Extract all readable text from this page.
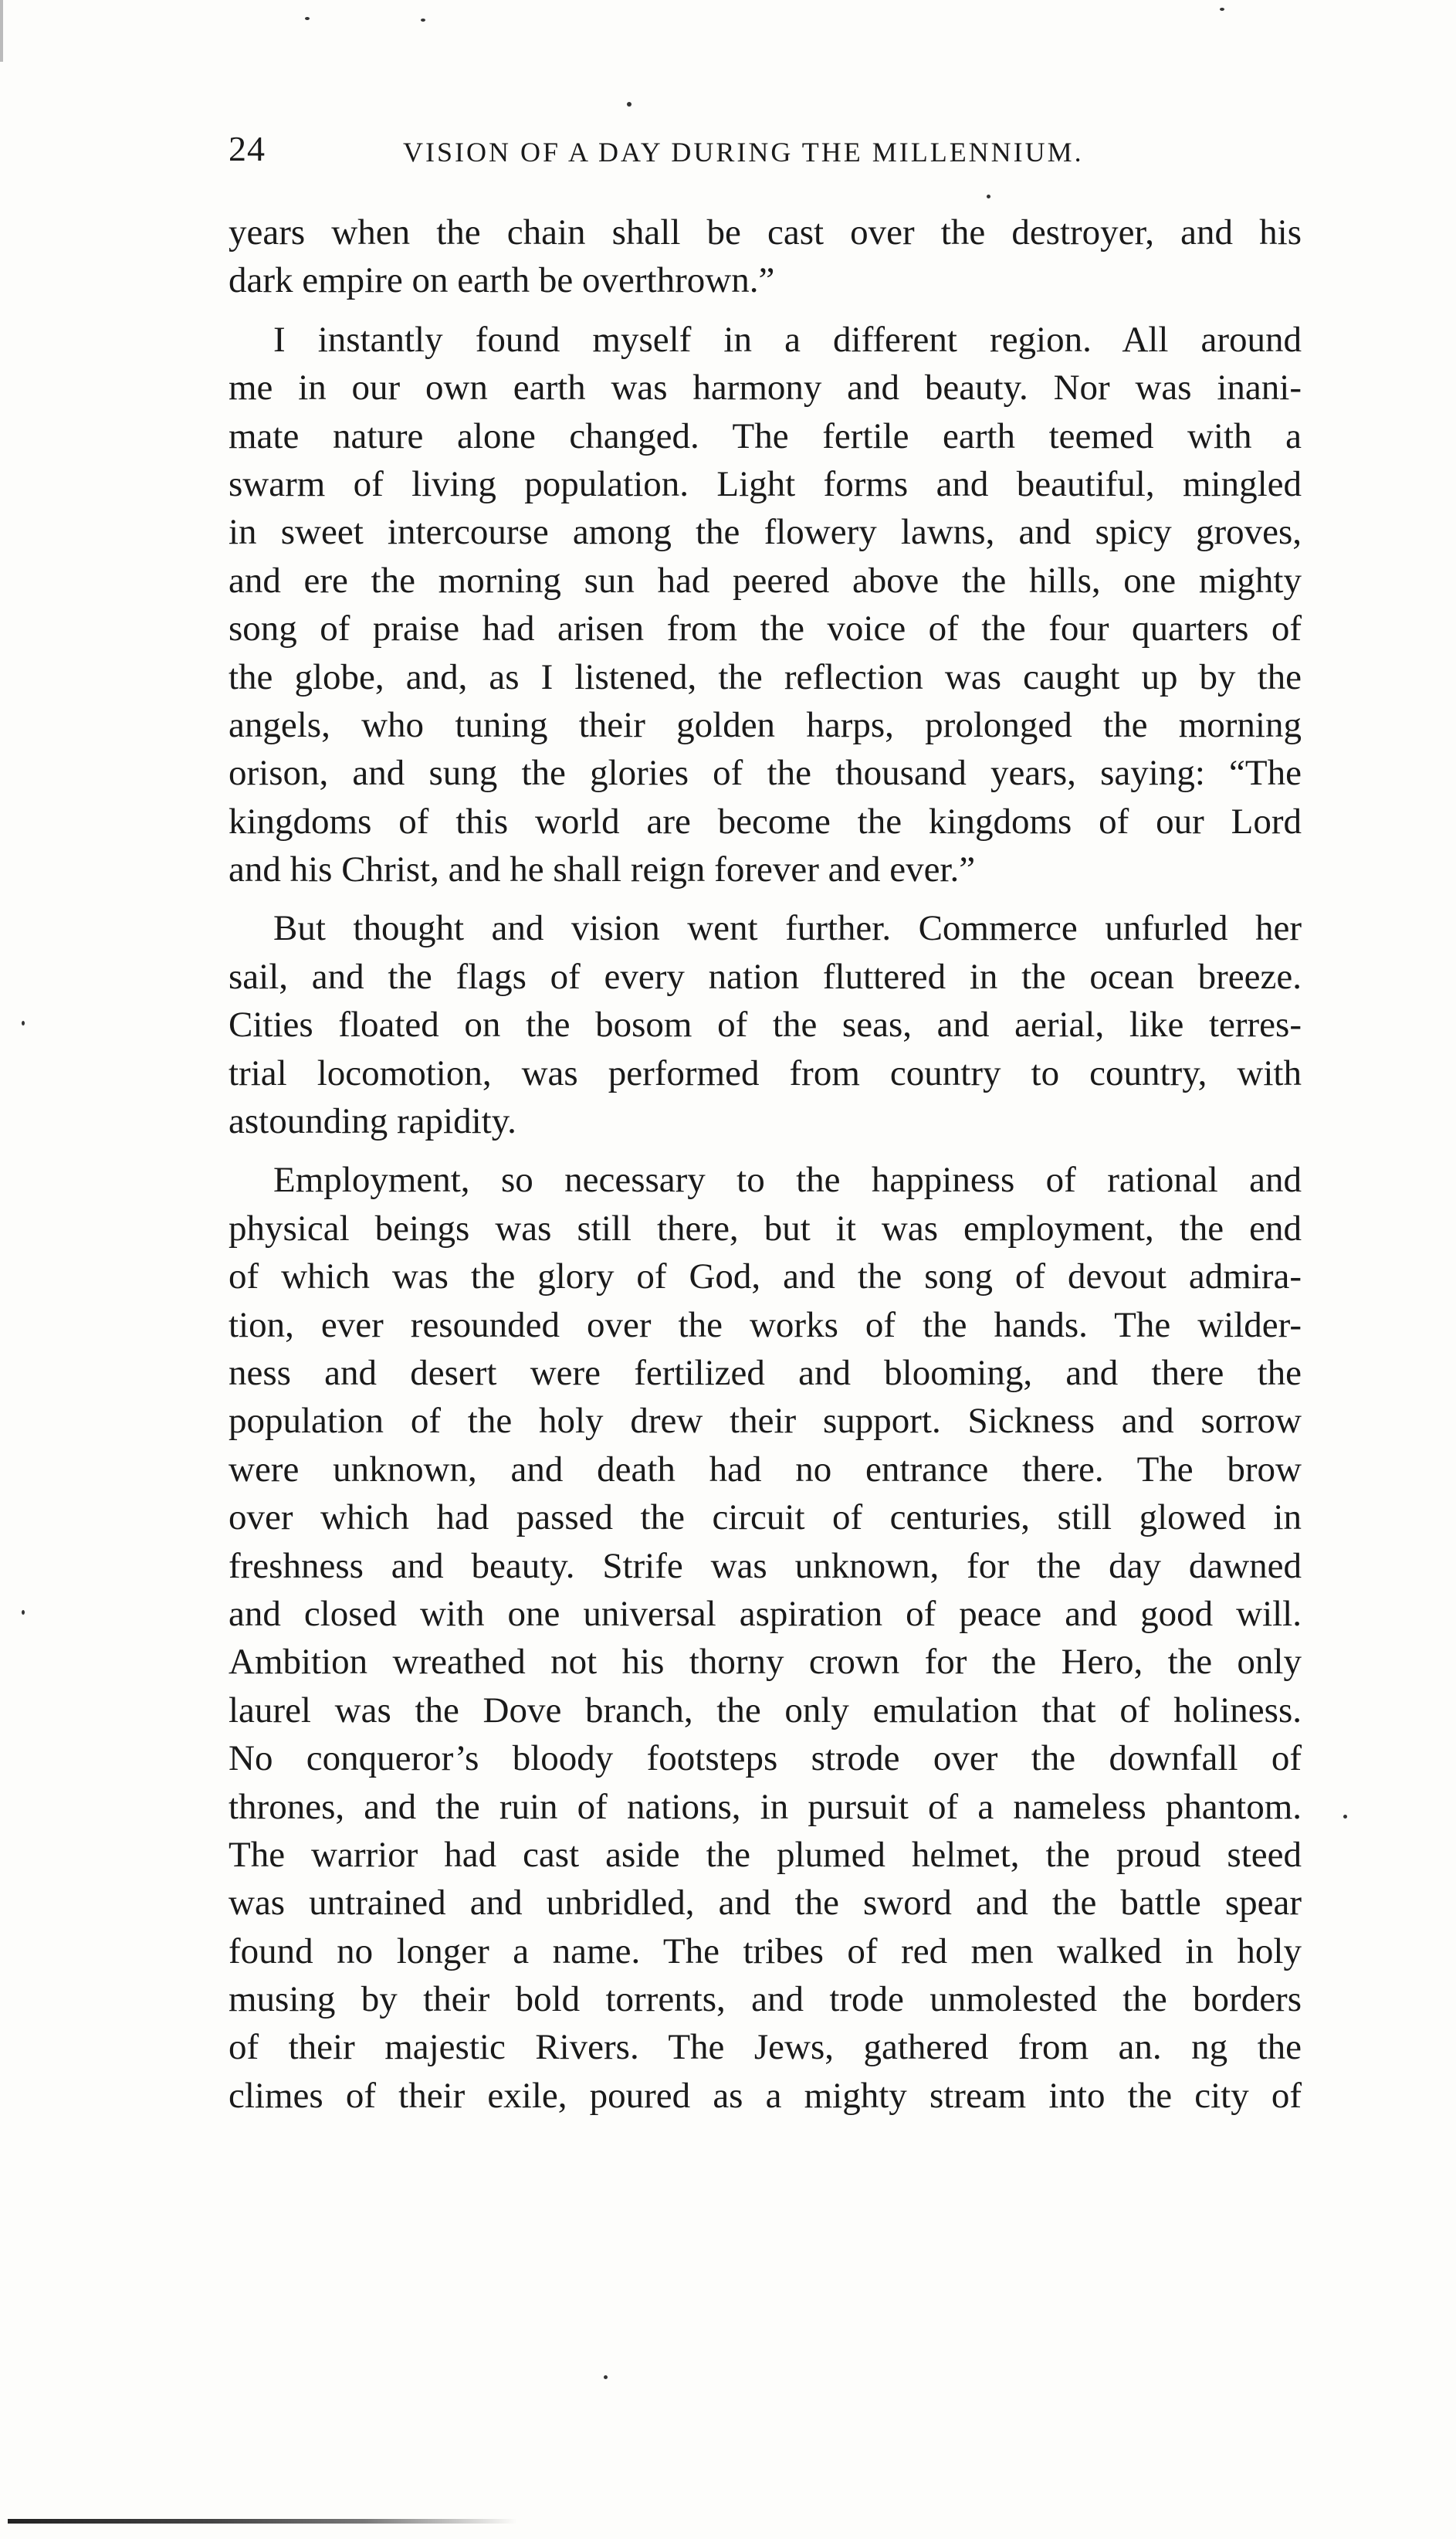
24	VISION OF A DAY DURING THE MILLENNIUM.
years when the chain shall be cast over the destroyer, and his
dark empire on earth be overthrown.”
I instantly found myself in a different region. All around
me in our own earth was harmony and beauty. Nor was inani-
mate nature alone changed. The fertile earth teemed with a
swarm of living population. Light forms and beautiful, mingled
in sweet intercourse among the flowery lawns, and spicy groves,
and ere the morning sun had peered above the hills, one mighty
song of praise had arisen from the voice of the four quarters of
the globe, and, as I listened, the reflection was caught up by the
angels, who tuning their golden harps, prolonged the morning
orison, and sung the glories of the thousand years, saying: “The
kingdoms of this world are become the kingdoms of our Lord
and his Christ, and he shall reign forever and ever.”
But thought and vision went further. Commerce unfurled her
sail, and the flags of every nation fluttered in the ocean breeze.
Cities floated on the bosom of the seas, and aerial, like terres-
trial locomotion, was performed from country to country, with
astounding rapidity.
Employment, so necessary to the happiness of rational and
physical beings was still there, but it was employment, the end
of which was the glory of God, and the song of devout admira-
tion, ever resounded over the works of the hands. The wilder-
ness and desert were fertilized and blooming, and there the
population of the holy drew their support. Sickness and sorrow
were unknown, and death had no entrance there. The brow
over which had passed the circuit of centuries, still glowed in
freshness and beauty. Strife was unknown, for the day dawned
and closed with one universal aspiration of peace and good will.
Ambition wreathed not his thorny crown for the Hero, the only
laurel was the Dove branch, the only emulation that of holiness.
No conqueror’s bloody footsteps strode over the downfall of
thrones, and the ruin of nations, in pursuit of a nameless phantom.
The warrior had cast aside the plumed helmet, the proud steed
was untrained and unbridled, and the sword and the battle spear
found no longer a name. The tribes of red men walked in holy
musing by their bold torrents, and trode unmolested the borders
of their majestic Rivers. The Jews, gathered from an. ng the
climes of their exile, poured as a mighty stream into the city of
